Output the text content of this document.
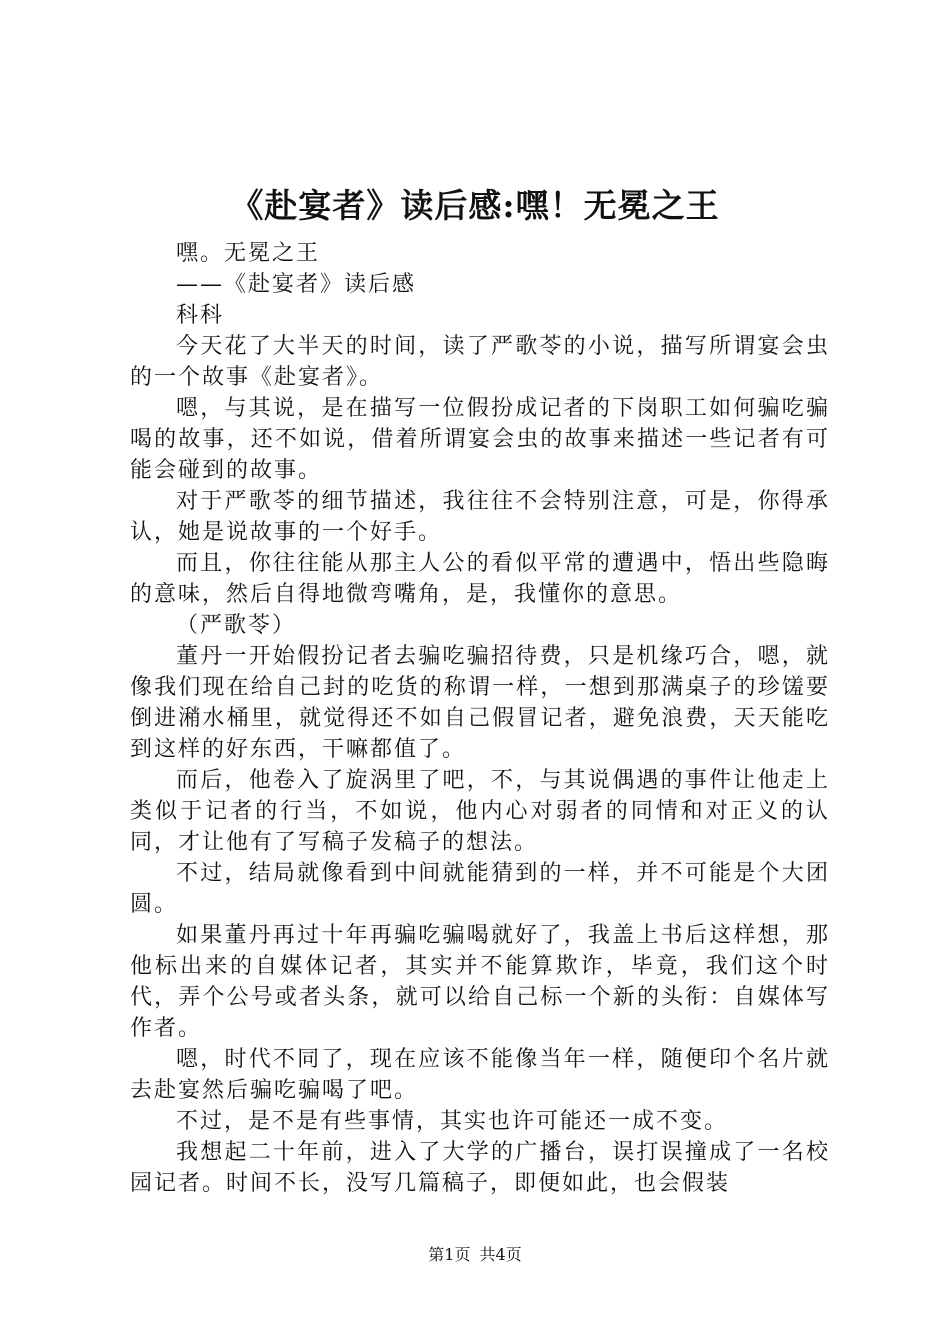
《赴宴者》读后感:嘿！无冕之王

嘿。无冕之王

——《赴宴者》读后感

科科

今天花了大半天的时间，读了严歌苓的小说，描写所谓宴会虫的一个故事《赴宴者》。

嗯，与其说，是在描写一位假扮成记者的下岗职工如何骗吃骗喝的故事，还不如说，借着所谓宴会虫的故事来描述一些记者有可能会碰到的故事。

对于严歌苓的细节描述，我往往不会特别注意，可是，你得承认，她是说故事的一个好手。

而且，你往往能从那主人公的看似平常的遭遇中，悟出些隐晦的意味，然后自得地微弯嘴角，是，我懂你的意思。

（严歌苓）

董丹一开始假扮记者去骗吃骗招待费，只是机缘巧合，嗯，就像我们现在给自己封的吃货的称谓一样，一想到那满桌子的珍馐要倒进潲水桶里，就觉得还不如自己假冒记者，避免浪费，天天能吃到这样的好东西，干嘛都值了。

而后，他卷入了旋涡里了吧，不，与其说偶遇的事件让他走上类似于记者的行当，不如说，他内心对弱者的同情和对正义的认同，才让他有了写稿子发稿子的想法。

不过，结局就像看到中间就能猜到的一样，并不可能是个大团圆。

如果董丹再过十年再骗吃骗喝就好了，我盖上书后这样想，那他标出来的自媒体记者，其实并不能算欺诈，毕竟，我们这个时代，弄个公号或者头条，就可以给自己标一个新的头衔：自媒体写作者。

嗯，时代不同了，现在应该不能像当年一样，随便印个名片就去赴宴然后骗吃骗喝了吧。

不过，是不是有些事情，其实也许可能还一成不变。

我想起二十年前，进入了大学的广播台，误打误撞成了一名校园记者。时间不长，没写几篇稿子，即便如此，也会假装

第1页 共4页
